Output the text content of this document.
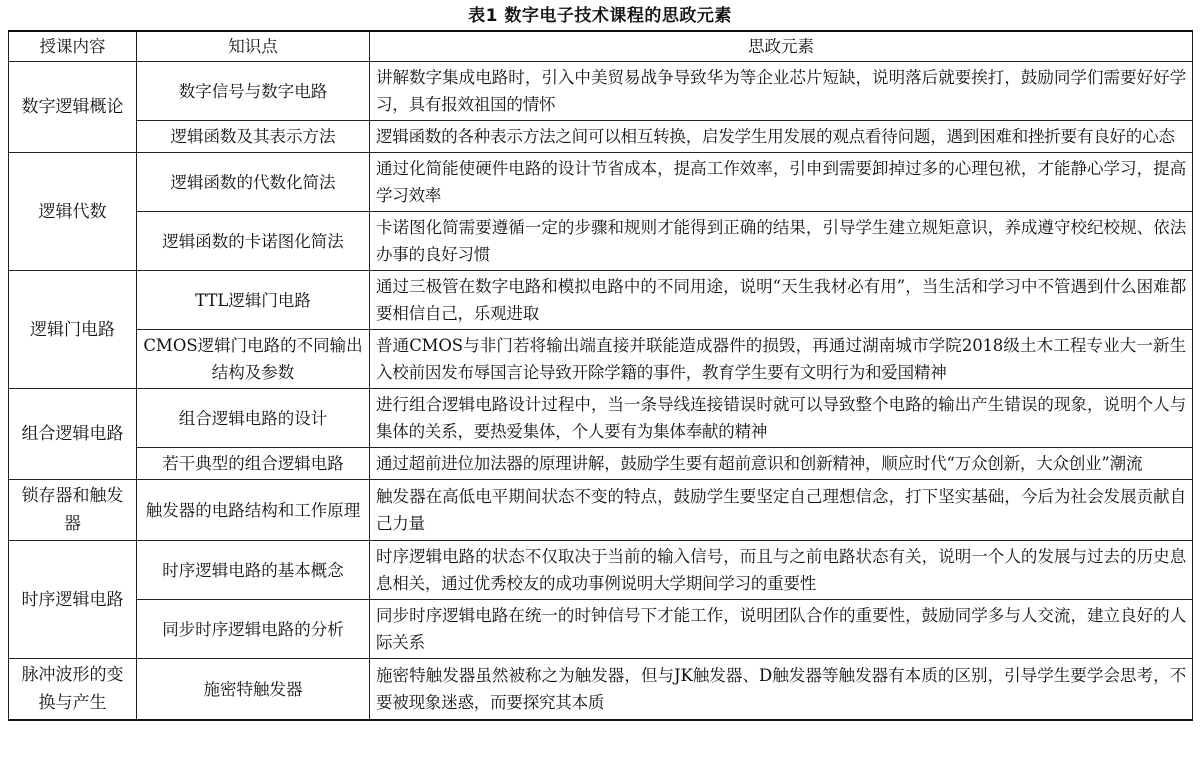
表1 数字电子技术课程的思政元素
授课内容	知识点	思政元素
数字逻辑概论	数字信号与数字电路	讲解数字集成电路时，引入中美贸易战争导致华为等企业芯片短缺，说明落后就要挨打，鼓励同学们需要好好学习，具有报效祖国的情怀
	逻辑函数及其表示方法	逻辑函数的各种表示方法之间可以相互转换，启发学生用发展的观点看待问题，遇到困难和挫折要有良好的心态
逻辑代数	逻辑函数的代数化简法	通过化简能使硬件电路的设计节省成本，提高工作效率，引申到需要卸掉过多的心理包袱，才能静心学习，提高学习效率
	逻辑函数的卡诺图化简法	卡诺图化简需要遵循一定的步骤和规则才能得到正确的结果，引导学生建立规矩意识，养成遵守校纪校规、依法办事的良好习惯
逻辑门电路	TTL逻辑门电路	通过三极管在数字电路和模拟电路中的不同用途，说明“天生我材必有用”，当生活和学习中不管遇到什么困难都要相信自己，乐观进取
	CMOS逻辑门电路的不同输出结构及参数	普通CMOS与非门若将输出端直接并联能造成器件的损毁，再通过湖南城市学院2018级土木工程专业大一新生入校前因发布辱国言论导致开除学籍的事件，教育学生要有文明行为和爱国精神
组合逻辑电路	组合逻辑电路的设计	进行组合逻辑电路设计过程中，当一条导线连接错误时就可以导致整个电路的输出产生错误的现象，说明个人与集体的关系，要热爱集体，个人要有为集体奉献的精神
	若干典型的组合逻辑电路	通过超前进位加法器的原理讲解，鼓励学生要有超前意识和创新精神，顺应时代“万众创新，大众创业”潮流
锁存器和触发器	触发器的电路结构和工作原理	触发器在高低电平期间状态不变的特点，鼓励学生要坚定自己理想信念，打下坚实基础，今后为社会发展贡献自己力量
时序逻辑电路	时序逻辑电路的基本概念	时序逻辑电路的状态不仅取决于当前的输入信号，而且与之前电路状态有关，说明一个人的发展与过去的历史息息相关，通过优秀校友的成功事例说明大学期间学习的重要性
	同步时序逻辑电路的分析	同步时序逻辑电路在统一的时钟信号下才能工作，说明团队合作的重要性，鼓励同学多与人交流，建立良好的人际关系
脉冲波形的变换与产生	施密特触发器	施密特触发器虽然被称之为触发器，但与JK触发器、D触发器等触发器有本质的区别，引导学生要学会思考，不要被现象迷惑，而要探究其本质
